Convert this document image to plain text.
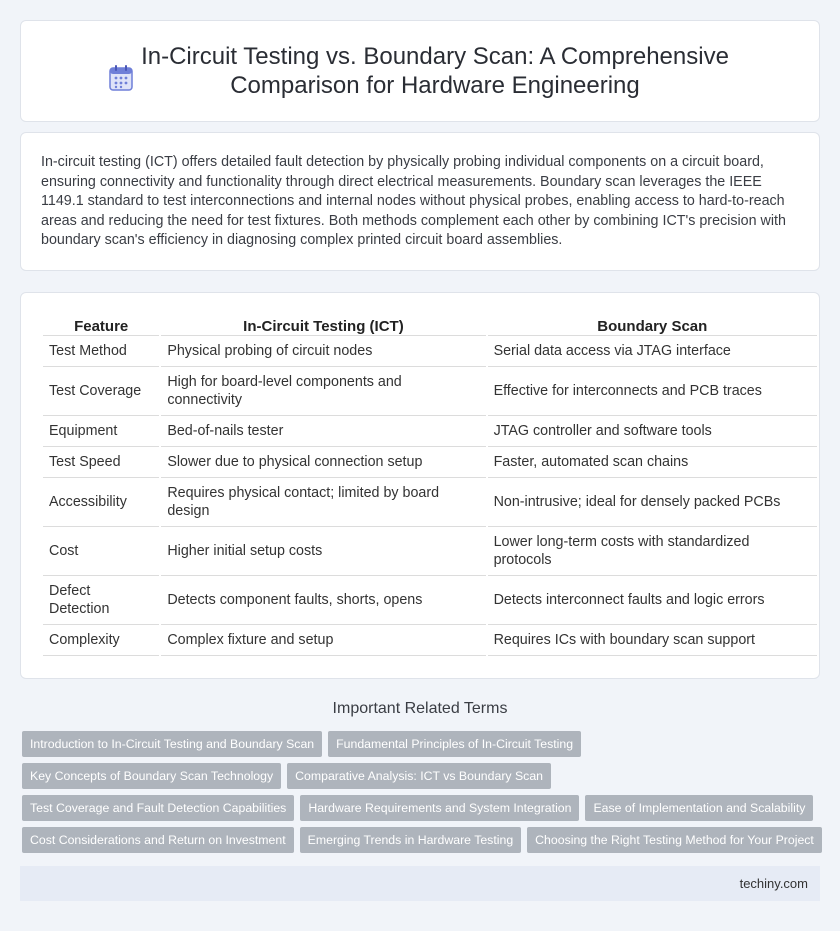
In-Circuit Testing vs. Boundary Scan: A Comprehensive Comparison for Hardware Engineering

In-circuit testing (ICT) offers detailed fault detection by physically probing individual components on a circuit board, ensuring connectivity and functionality through direct electrical measurements. Boundary scan leverages the IEEE 1149.1 standard to test interconnections and internal nodes without physical probes, enabling access to hard-to-reach areas and reducing the need for test fixtures. Both methods complement each other by combining ICT's precision with boundary scan's efficiency in diagnosing complex printed circuit board assemblies.

Feature	In-Circuit Testing (ICT)	Boundary Scan
Test Method	Physical probing of circuit nodes	Serial data access via JTAG interface
Test Coverage	High for board-level components and connectivity	Effective for interconnects and PCB traces
Equipment	Bed-of-nails tester	JTAG controller and software tools
Test Speed	Slower due to physical connection setup	Faster, automated scan chains
Accessibility	Requires physical contact; limited by board design	Non-intrusive; ideal for densely packed PCBs
Cost	Higher initial setup costs	Lower long-term costs with standardized protocols
Defect Detection	Detects component faults, shorts, opens	Detects interconnect faults and logic errors
Complexity	Complex fixture and setup	Requires ICs with boundary scan support
Important Related Terms
Introduction to In-Circuit Testing and Boundary Scan	Fundamental Principles of In-Circuit Testing
Key Concepts of Boundary Scan Technology	Comparative Analysis: ICT vs Boundary Scan
Test Coverage and Fault Detection Capabilities	Hardware Requirements and System Integration	Ease of Implementation and Scalability
Cost Considerations and Return on Investment	Emerging Trends in Hardware Testing	Choosing the Right Testing Method for Your Project
techiny.com
